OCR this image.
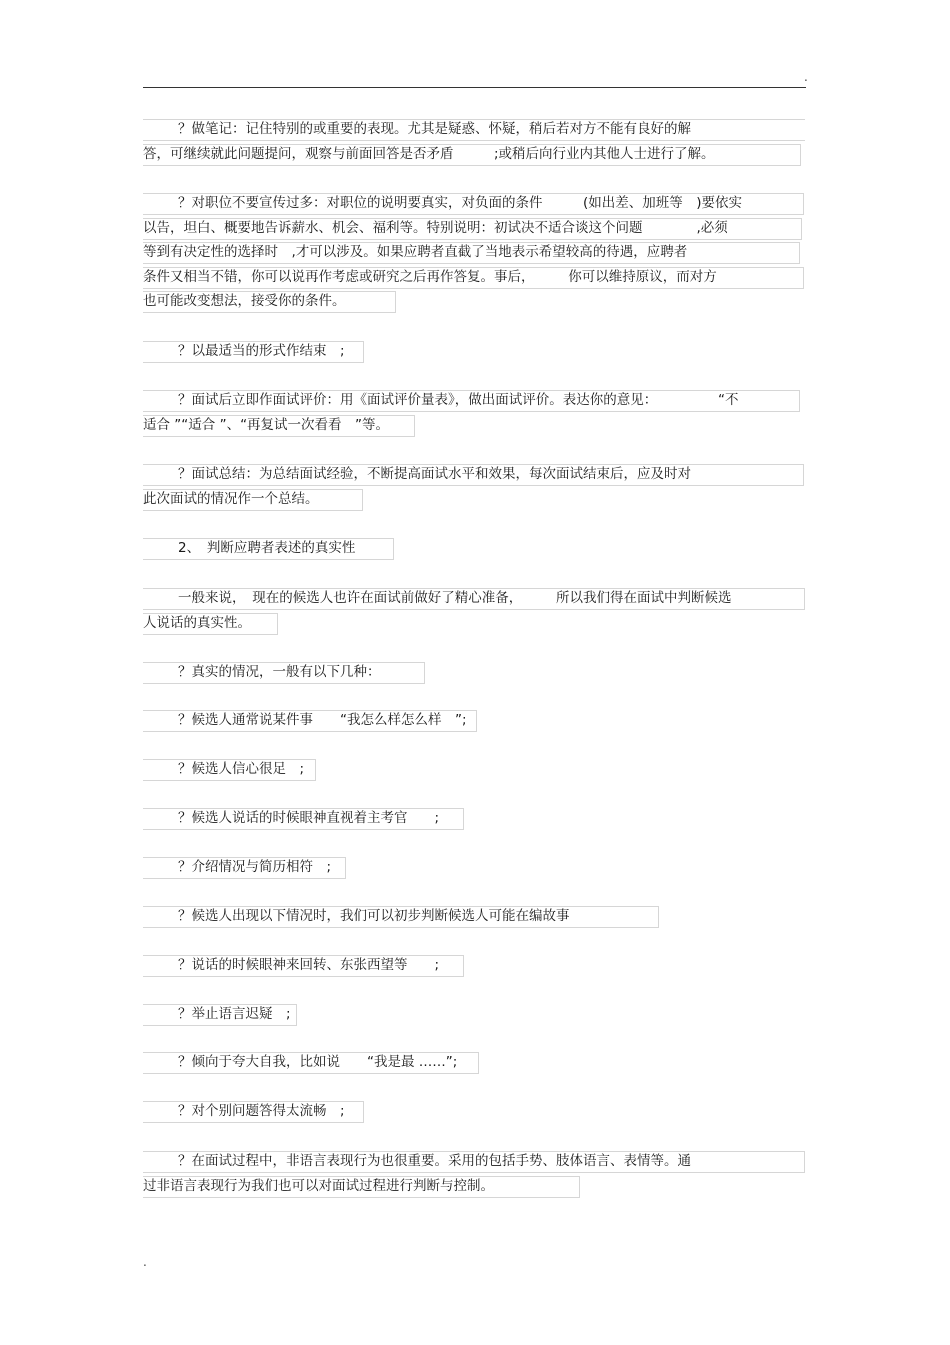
.
？做笔记：记住特别的或重要的表现。尤其是疑惑、怀疑，稍后若对方不能有良好的解
答，可继续就此问题提问，观察与前面回答是否矛盾　　　;或稍后向行业内其他人士进行了解。
？对职位不要宣传过多：对职位的说明要真实，对负面的条件　　　(如出差、加班等　)要依实
以告，坦白、概要地告诉薪水、机会、福利等。特别说明：初试决不适合谈这个问题　　　　,必须
等到有决定性的选择时　,才可以涉及。如果应聘者直截了当地表示希望较高的待遇，应聘者
条件又相当不错，你可以说再作考虑或研究之后再作答复。事后，　　　你可以维持原议，而对方
也可能改变想法，接受你的条件。
？以最适当的形式作结束　;
？面试后立即作面试评价：用《面试评价量表》，做出面试评价。表达你的意见：　　　　　“不
适合 ”“适合 ”、“再复试一次看看　”等。
？面试总结：为总结面试经验，不断提高面试水平和效果，每次面试结束后，应及时对
此次面试的情况作一个总结。
2、　判断应聘者表述的真实性
一般来说，　现在的候选人也许在面试前做好了精心准备，　　　所以我们得在面试中判断候选
人说话的真实性。
？真实的情况，一般有以下几种：
？候选人通常说某件事　　“我怎么样怎么样　”;
？候选人信心很足　;
？候选人说话的时候眼神直视着主考官　　;
？介绍情况与简历相符　;
？候选人出现以下情况时，我们可以初步判断候选人可能在编故事
？说话的时候眼神来回转、东张西望等　　;
？举止语言迟疑　;
？倾向于夸大自我，比如说　　“我是最 ……”;
？对个别问题答得太流畅　;
？在面试过程中，非语言表现行为也很重要。采用的包括手势、肢体语言、表情等。通
过非语言表现行为我们也可以对面试过程进行判断与控制。
.
